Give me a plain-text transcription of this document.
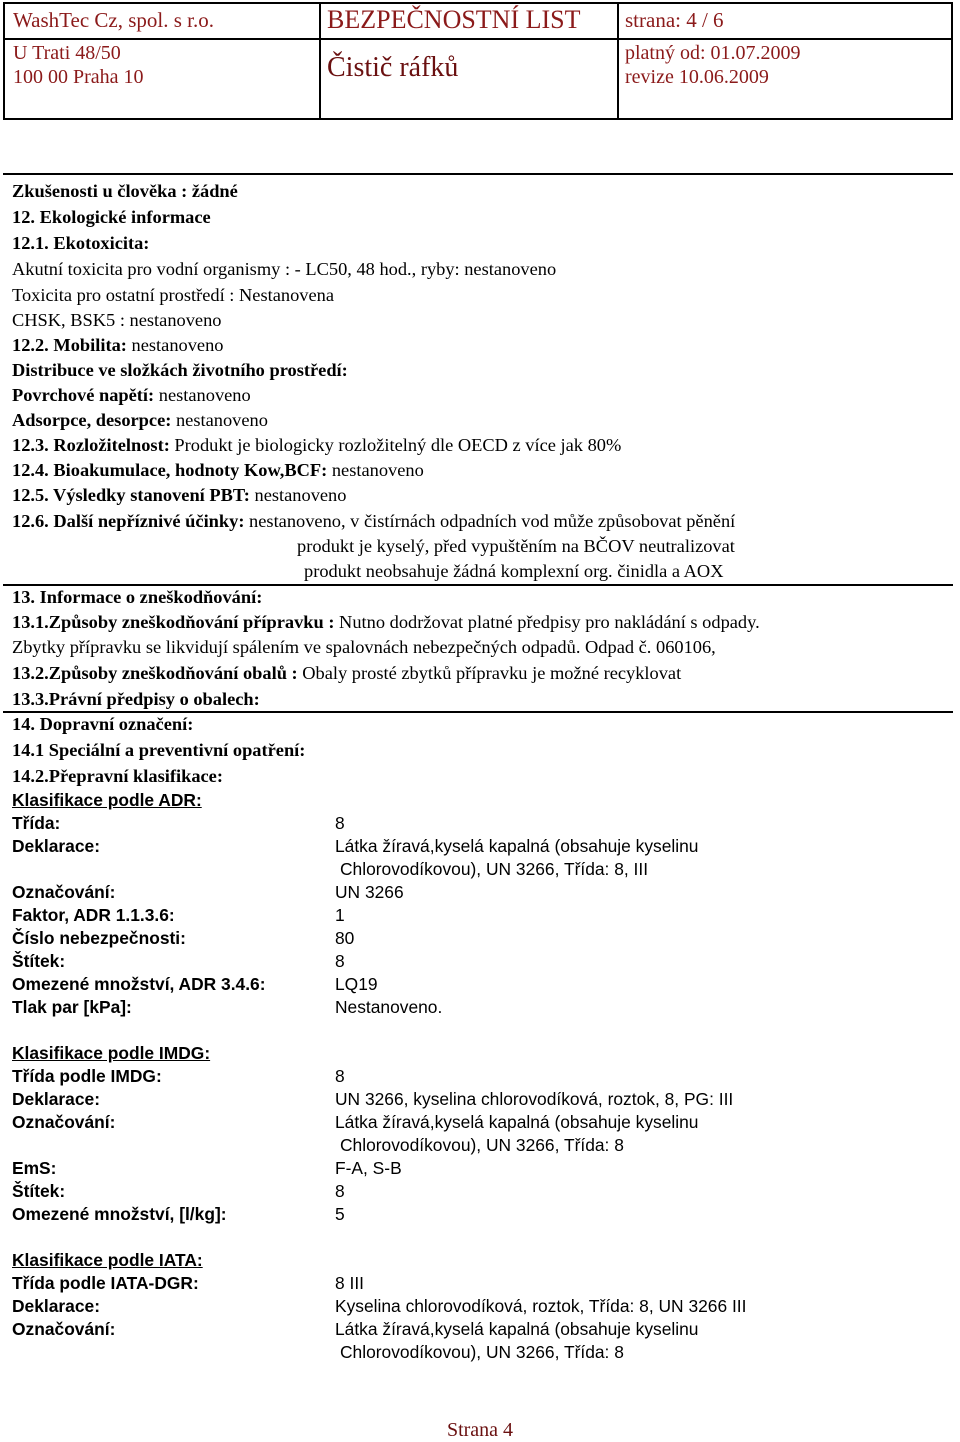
WashTec Cz, spol. s r.o.
U Trati 48/50
100 00 Praha 10
BEZPEČNOSTNÍ LIST
Čistič ráfků
strana: 4 / 6
platný od: 01.07.2009
revize 10.06.2009
Zkušenosti u člověka : žádné
12. Ekologické informace
12.1. Ekotoxicita:
Akutní toxicita pro vodní organismy : - LC50, 48 hod., ryby: nestanoveno
Toxicita pro ostatní prostředí : Nestanovena
CHSK, BSK5 : nestanoveno
12.2. Mobilita: nestanoveno
Distribuce ve složkách životního prostředí:
Povrchové napětí: nestanoveno
Adsorpce, desorpce: nestanoveno
12.3. Rozložitelnost: Produkt je biologicky rozložitelný dle OECD z více jak 80%
12.4. Bioakumulace, hodnoty Kow,BCF: nestanoveno
12.5. Výsledky stanovení PBT: nestanoveno
12.6. Další nepříznivé účinky: nestanoveno, v čistírnách odpadních vod může způsobovat pěnění
produkt je kyselý, před vypuštěním na BČOV neutralizovat
produkt neobsahuje žádná komplexní org. činidla a AOX
13. Informace o zneškodňování:
13.1.Způsoby zneškodňování přípravku : Nutno dodržovat platné předpisy pro nakládání s odpady.
Zbytky přípravku se likvidují spálením ve spalovnách nebezpečných odpadů. Odpad č. 060106,
13.2.Způsoby zneškodňování obalů : Obaly prosté zbytků přípravku je možné recyklovat
13.3.Právní předpisy o obalech:
14. Dopravní označení:
14.1 Speciální a preventivní opatření:
14.2.Přepravní klasifikace:
Klasifikace podle ADR:
Třída:	8
Deklarace:	Látka žíravá,kyselá kapalná (obsahuje kyselinu
Chlorovodíkovou), UN 3266, Třída: 8, III
Označování:	UN 3266
Faktor, ADR 1.1.3.6:	1
Číslo nebezpečnosti:	80
Štítek:	8
Omezené množství, ADR 3.4.6:	LQ19
Tlak par [kPa]:	Nestanoveno.
Klasifikace podle IMDG:
Třída podle IMDG:	8
Deklarace:	UN 3266, kyselina chlorovodíková, roztok, 8, PG: III
Označování:	Látka žíravá,kyselá kapalná (obsahuje kyselinu
Chlorovodíkovou), UN 3266, Třída: 8
EmS:	F-A, S-B
Štítek:	8
Omezené množství, [l/kg]:	5
Klasifikace podle IATA:
Třída podle IATA-DGR:	8 III
Deklarace:	Kyselina chlorovodíková, roztok, Třída: 8, UN 3266 III
Označování:	Látka žíravá,kyselá kapalná (obsahuje kyselinu
Chlorovodíkovou), UN 3266, Třída: 8
Strana 4
